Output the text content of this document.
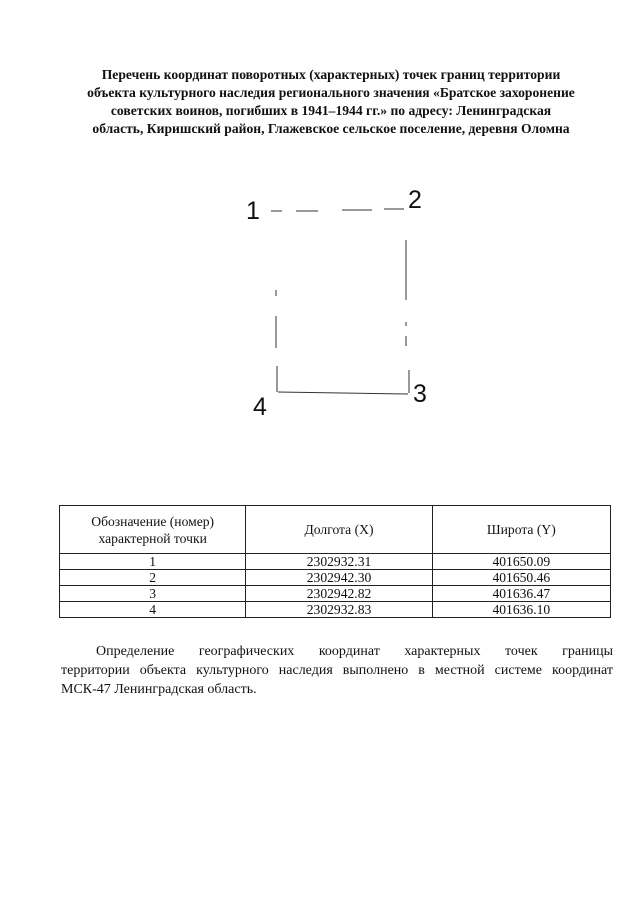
Перечень координат поворотных (характерных) точек границ территории
объекта культурного наследия регионального значения «Братское захоронение
советских воинов, погибших в 1941–1944 гг.» по адресу: Ленинградская
область, Киришский район, Глажевское сельское поселение, деревня Оломна
1	2
3
4
Обозначение (номер) характерной точки	Долгота (X)	Широта (Y)
1	2302932.31	401650.09
2	2302942.30	401650.46
3	2302942.82	401636.47
4	2302932.83	401636.10
Определение географических координат характерных точек границы
территории объекта культурного наследия выполнено в местной системе координат МСК-47 Ленинградская область.
